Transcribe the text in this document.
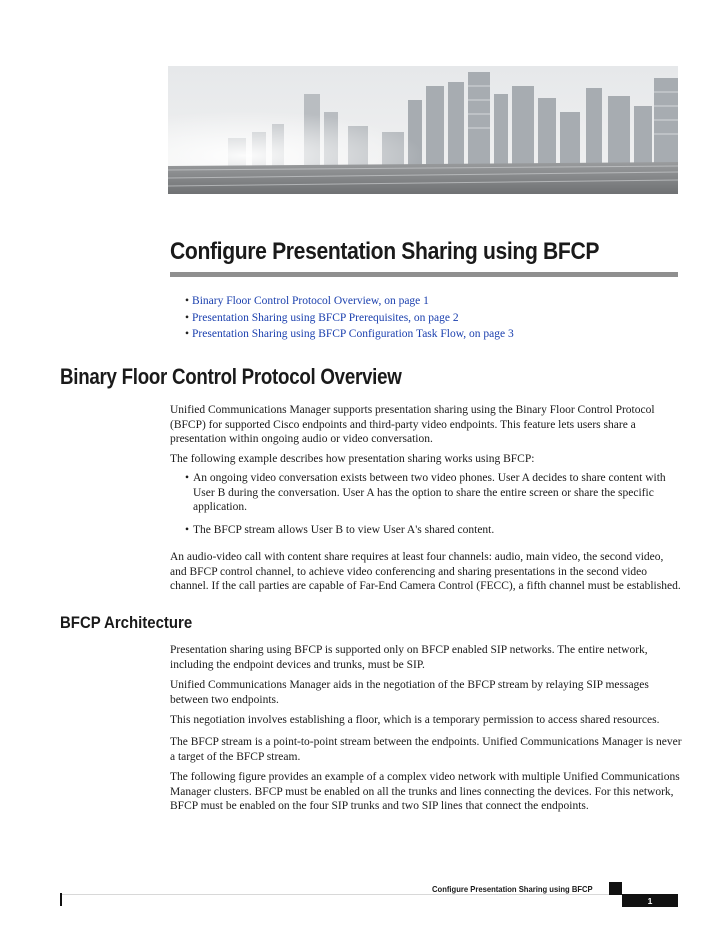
Configure Presentation Sharing using BFCP
• Binary Floor Control Protocol Overview, on page 1
• Presentation Sharing using BFCP Prerequisites, on page 2
• Presentation Sharing using BFCP Configuration Task Flow, on page 3
Binary Floor Control Protocol Overview

Unified Communications Manager supports presentation sharing using the Binary Floor Control Protocol (BFCP) for supported Cisco endpoints and third-party video endpoints. This feature lets users share a presentation within ongoing audio or video conversation.

The following example describes how presentation sharing works using BFCP:

• An ongoing video conversation exists between two video phones. User A decides to share content with User B during the conversation. User A has the option to share the entire screen or share the specific application.
• The BFCP stream allows User B to view User A's shared content.

An audio-video call with content share requires at least four channels: audio, main video, the second video, and BFCP control channel, to achieve video conferencing and sharing presentations in the second video channel. If the call parties are capable of Far-End Camera Control (FECC), a fifth channel must be established.

BFCP Architecture

Presentation sharing using BFCP is supported only on BFCP enabled SIP networks. The entire network, including the endpoint devices and trunks, must be SIP.

Unified Communications Manager aids in the negotiation of the BFCP stream by relaying SIP messages between two endpoints.

This negotiation involves establishing a floor, which is a temporary permission to access shared resources.

The BFCP stream is a point-to-point stream between the endpoints. Unified Communications Manager is never a target of the BFCP stream.

The following figure provides an example of a complex video network with multiple Unified Communications Manager clusters. BFCP must be enabled on all the trunks and lines connecting the devices. For this network, BFCP must be enabled on the four SIP trunks and two SIP lines that connect the endpoints.

Configure Presentation Sharing using BFCP

1
